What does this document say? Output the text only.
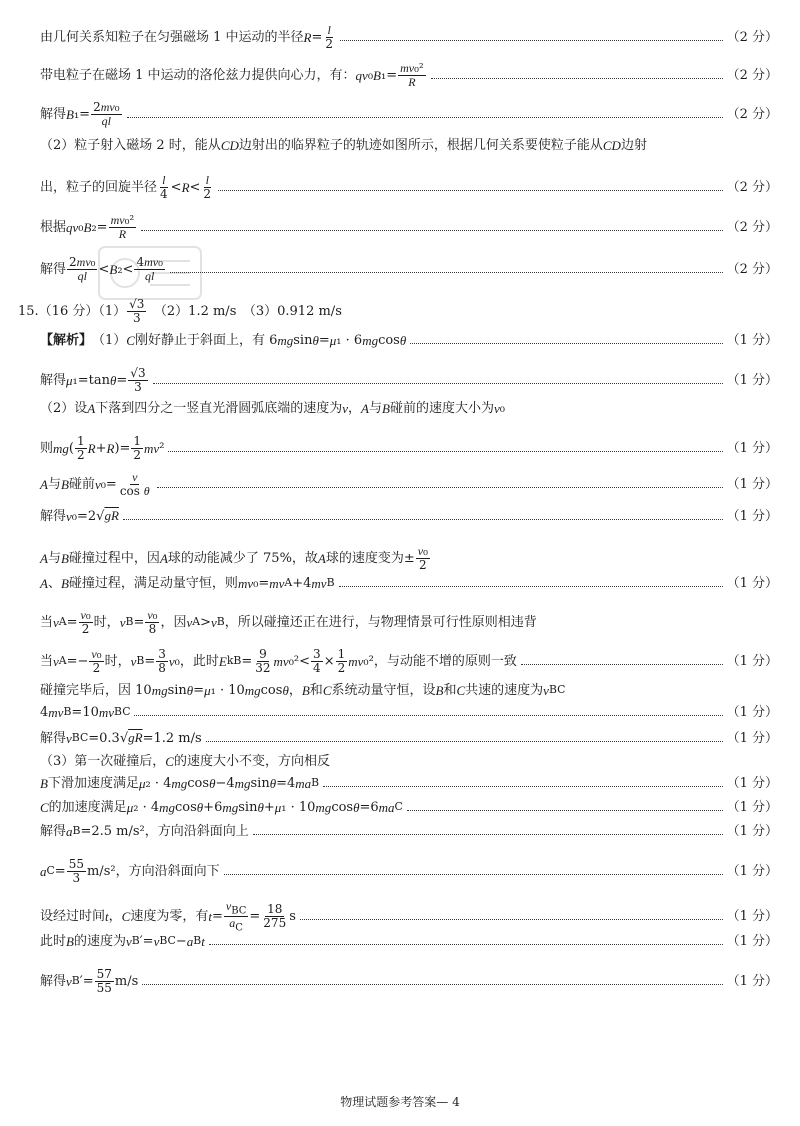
由几何关系知粒子在匀强磁场 1 中运动的半径 $R = \frac{l}{2}$	（2 分）
带电粒子在磁场 1 中运动的洛伦兹力提供向心力，有： qv ₀ B $_1= \frac{\text{mv₀²}}{R}$	（2 分）
解得 B $_1= \frac{\text{2mv₀}}{ql}$	（2 分）
（2）粒子射入磁场 2 时，能从 CD 边射出的临界粒子的轨迹如图所示，根据几何关系要使粒子能从 CD 边射
出，粒子的回旋半径 $\frac{l}{4} < R < \frac{l}{2}$	（2 分）
根据 qv ₀ B $_2= \frac{\text{mv₀²}}{R}$	（2 分）
解得 $\frac{\text{2mv₀}}{ql} < B$ $_2< \frac{\text{4mv₀}}{ql}$	（2 分）
15.（16 分）$(1) \frac{√3}{3}$ 　（2）1.2 m/s　（3）0.912 m/s
【解析】 （1） C 刚好静止于斜面上，有 6 mg sin θ = μ ₁ · 6 mg cos θ	（1 分）
解得 μ ₁=tan $\theta = \frac{√3}{3}$	（1 分）
（2）设 A 下落到四分之一竖直光滑圆弧底端的速度为 v ， A 与 B 碰前的速度大小为 v ₀
则 mg ( $\frac{1}{2}$ R + R )= $\frac{1}{2}$ mv ²	（1 分）
A 与 B 碰前 v $_0= \frac{v}{\text{cos θ}}$	（1 分）
解得 v ₀=2√ gR	（1 分）
A 与 B 碰撞过程中，因 A 球的动能减少了 75%，故 A 球的速度变为± $\frac{\text{v₀}}{2}$
A 、 B 碰撞过程，满足动量守恒，则 mv ₀= mv A +4 mv B	（1 分）
当 v $A = \frac{\text{v₀}}{2}$ 时， v $B = \frac{\text{v₀}}{8}$ ，因 v A > v B ，所以碰撞还正在进行，与物理情景可行性原则相违背
当 v $A =- \frac{\text{v₀}}{2}$ 时， v $B = \frac{3}{8}$ v ₀，此时 E kB = $\frac{9}{32}$ mv $_0^2< \frac{3}{4} \times \frac{1}{2}$ mv ₀²，与动能不增的原则一致	（1 分）
碰撞完毕后，因 10 mg sin θ = μ ₁ · 10 mg cos θ ， B 和 C 系统动量守恒，设 B 和 C 共速的速度为 v BC
4 mv B =10 mv BC	（1 分）
解得 v BC =0.3√ gR =1.2 m/s	（1 分）
（3）第一次碰撞后， C 的速度大小不变，方向相反
B 下滑加速度满足 μ ₂ · 4 mg cos θ −4 mg sin θ =4 ma B	（1 分）
C 的加速度满足 μ ₂ · 4 mg cos θ +6 mg sin θ + μ ₁ · 10 mg cos θ =6 ma C	（1 分）
解得 a B =2.5 m/s²，方向沿斜面向上	（1 分）
a $C = \frac{55}{3} m/s^2$，方向沿斜面向下	（1 分）
设经过时间 t ， C 速度为零，有 $t = \frac{v_{BC}}{a_C} = \frac{18}{275}$ s	（1 分）
此时 B 的速度为 v B ′= v BC − a B t	（1 分）
解得 v B ′= $\frac{57}{55} m/s$	（1 分）
物理试题参考答案— 4
